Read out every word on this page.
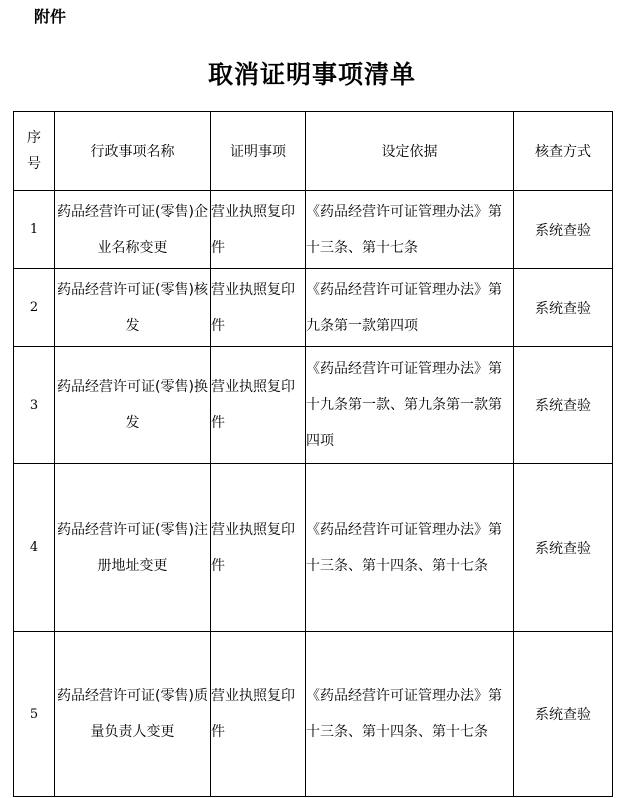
附件
取消证明事项清单
序号	行政事项名称	证明事项	设定依据	核查方式
1	药品经营许可证(零售)企业名称变更	营业执照复印件	《药品经营许可证管理办法》第十三条、第十七条	系统查验
2	药品经营许可证(零售)核发	营业执照复印件	《药品经营许可证管理办法》第九条第一款第四项	系统查验
3	药品经营许可证(零售)换发	营业执照复印件	《药品经营许可证管理办法》第十九条第一款、第九条第一款第四项	系统查验
4	药品经营许可证(零售)注册地址变更	营业执照复印件	《药品经营许可证管理办法》第十三条、第十四条、第十七条	系统查验
5	药品经营许可证(零售)质量负责人变更	营业执照复印件	《药品经营许可证管理办法》第十三条、第十四条、第十七条	系统查验
